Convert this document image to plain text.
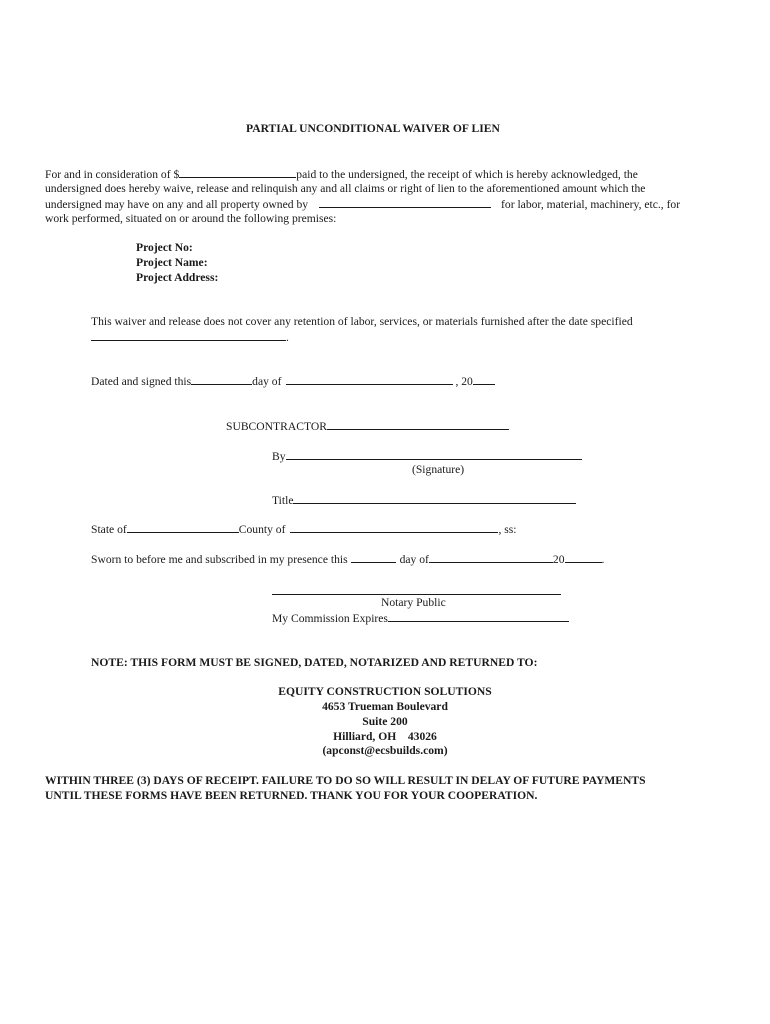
PARTIAL UNCONDITIONAL WAIVER OF LIEN
For and in consideration of $	paid to the undersigned, the receipt of which is hereby acknowledged, the
undersigned does hereby waive, release and relinquish any and all claims or right of lien to the aforementioned amount which the
undersigned may have on any and all property owned by	for labor, material, machinery, etc., for
work performed, situated on or around the following premises:
Project No:
Project Name:
Project Address:
This waiver and release does not cover any retention of labor, services, or materials furnished after the date specified
.
Dated and signed this	day of	, 20
SUBCONTRACTOR
By
(Signature)
Title
State of	County of	, ss:
Sworn to before me and subscribed in my presence this	day of	20	.
Notary Public
My Commission Expires
NOTE: THIS FORM MUST BE SIGNED, DATED, NOTARIZED AND RETURNED TO:
EQUITY CONSTRUCTION SOLUTIONS
4653 Trueman Boulevard
Suite 200
Hilliard, OH    43026
(apconst@ecsbuilds.com)
WITHIN THREE (3) DAYS OF RECEIPT. FAILURE TO DO SO WILL RESULT IN DELAY OF FUTURE PAYMENTS
UNTIL THESE FORMS HAVE BEEN RETURNED. THANK YOU FOR YOUR COOPERATION.
